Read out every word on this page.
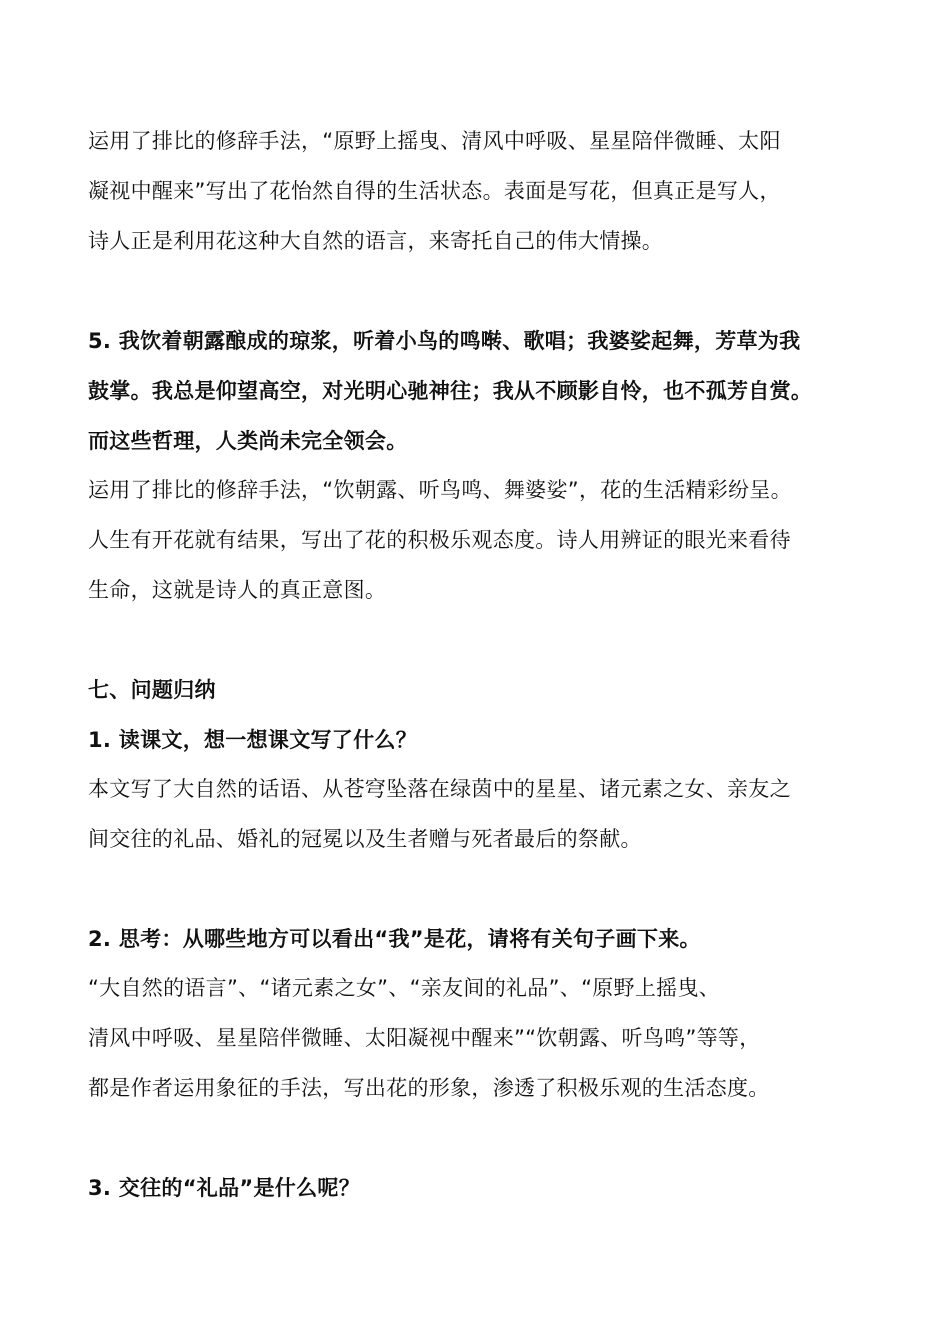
运用了排比的修辞手法，“原野上摇曳、清风中呼吸、星星陪伴微睡、太阳
凝视中醒来”写出了花怡然自得的生活状态。表面是写花，但真正是写人，
诗人正是利用花这种大自然的语言，来寄托自己的伟大情操。
5. 我饮着朝露酿成的琼浆，听着小鸟的鸣啭、歌唱；我婆娑起舞，芳草为我
鼓掌。我总是仰望高空，对光明心驰神往；我从不顾影自怜，也不孤芳自赏。
而这些哲理，人类尚未完全领会。
运用了排比的修辞手法，“饮朝露、听鸟鸣、舞婆娑”，花的生活精彩纷呈。
人生有开花就有结果，写出了花的积极乐观态度。诗人用辨证的眼光来看待
生命，这就是诗人的真正意图。
七、问题归纳
1. 读课文，想一想课文写了什么？
本文写了大自然的话语、从苍穹坠落在绿茵中的星星、诸元素之女、亲友之
间交往的礼品、婚礼的冠冕以及生者赠与死者最后的祭献。
2. 思考：从哪些地方可以看出“我”是花，请将有关句子画下来。
“大自然的语言”、“诸元素之女”、“亲友间的礼品”、“原野上摇曳、
清风中呼吸、星星陪伴微睡、太阳凝视中醒来”“饮朝露、听鸟鸣”等等，
都是作者运用象征的手法，写出花的形象，渗透了积极乐观的生活态度。
3. 交往的“礼品”是什么呢？
